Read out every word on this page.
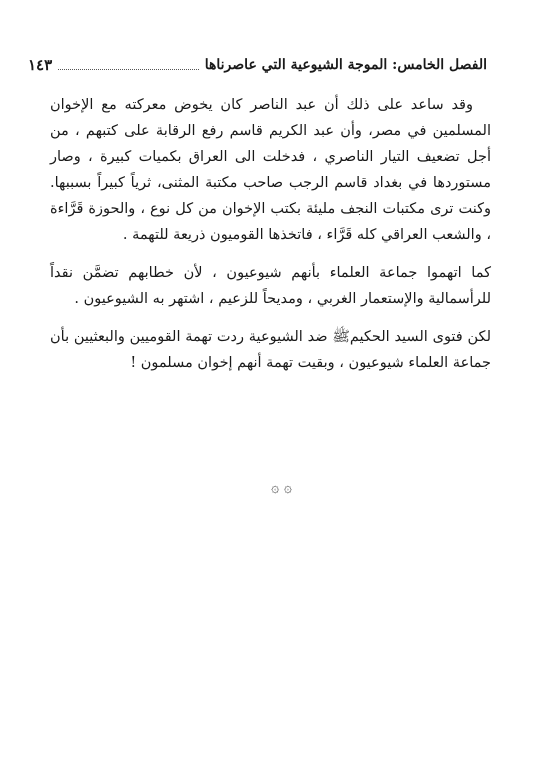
الفصل الخامس: الموجة الشيوعية التي عاصرناها
١٤٣

وقد ساعد على ذلك أن عبد الناصر كان يخوض معركته مع الإخوان المسلمين في مصر، وأن عبد الكريم قاسم رفع الرقابة على كتبهم ، من أجل تضعيف التيار الناصري ، فدخلت الى العراق بكميات كبيرة ، وصار مستوردها في بغداد قاسم الرجب صاحب مكتبة المثنى، ثرياً كبيراً بسببها. وكنت ترى مكتبات النجف مليئة بكتب الإخوان من كل نوع ، والحوزة قَرَّاءة ، والشعب العراقي كله قَرَّاء ، فاتخذها القوميون ذريعة للتهمة .

كما اتهموا جماعة العلماء بأنهم شيوعيون ، لأن خطابهم تضمَّن نقداً للرأسمالية والإستعمار الغربي ، ومديحاً للزعيم ، اشتهر به الشيوعيون .

لكن فتوى السيد الحكيمﷺ ضد الشيوعية ردت تهمة القوميين والبعثيين بأن جماعة العلماء شيوعيون ، وبقيت تهمة أنهم إخوان مسلمون !

۞ ۞
